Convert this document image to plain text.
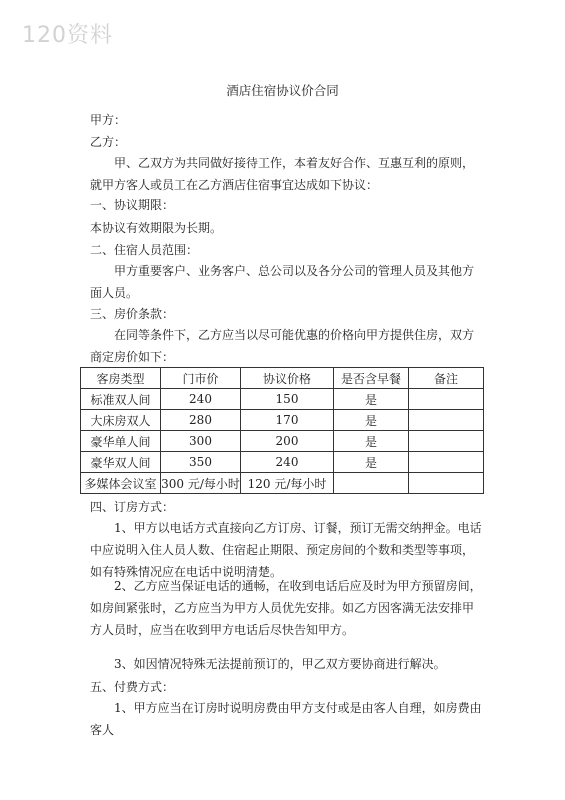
120资料
酒店住宿协议价合同
甲方：
乙方：

甲、乙双方为共同做好接待工作，本着友好合作、互惠互利的原则，就甲方客人或员工在乙方酒店住宿事宜达成如下协议：

一、协议期限：
本协议有效期限为长期。
二、住宿人员范围：

甲方重要客户、业务客户、总公司以及各分公司的管理人员及其他方面人员。

三、房价条款：

在同等条件下，乙方应当以尽可能优惠的价格向甲方提供住房，双方商定房价如下：

客房类型	门市价	协议价格	是否含早餐	备注
标准双人间	240	150	是	
大床房双人	280	170	是	
豪华单人间	300	200	是	
豪华双人间	350	240	是	
多媒体会议室	300 元/每小时	120 元/每小时		
四、订房方式：

1、甲方以电话方式直接向乙方订房、订餐，预订无需交纳押金。电话中应说明入住人员人数、住宿起止期限、预定房间的个数和类型等事项，如有特殊情况应在电话中说明清楚。

2、乙方应当保证电话的通畅，在收到电话后应及时为甲方预留房间，如房间紧张时，乙方应当为甲方人员优先安排。如乙方因客满无法安排甲方人员时，应当在收到甲方电话后尽快告知甲方。

3、如因情况特殊无法提前预订的，甲乙双方要协商进行解决。

五、付费方式：

1、甲方应当在订房时说明房费由甲方支付或是由客人自理，如房费由客人
